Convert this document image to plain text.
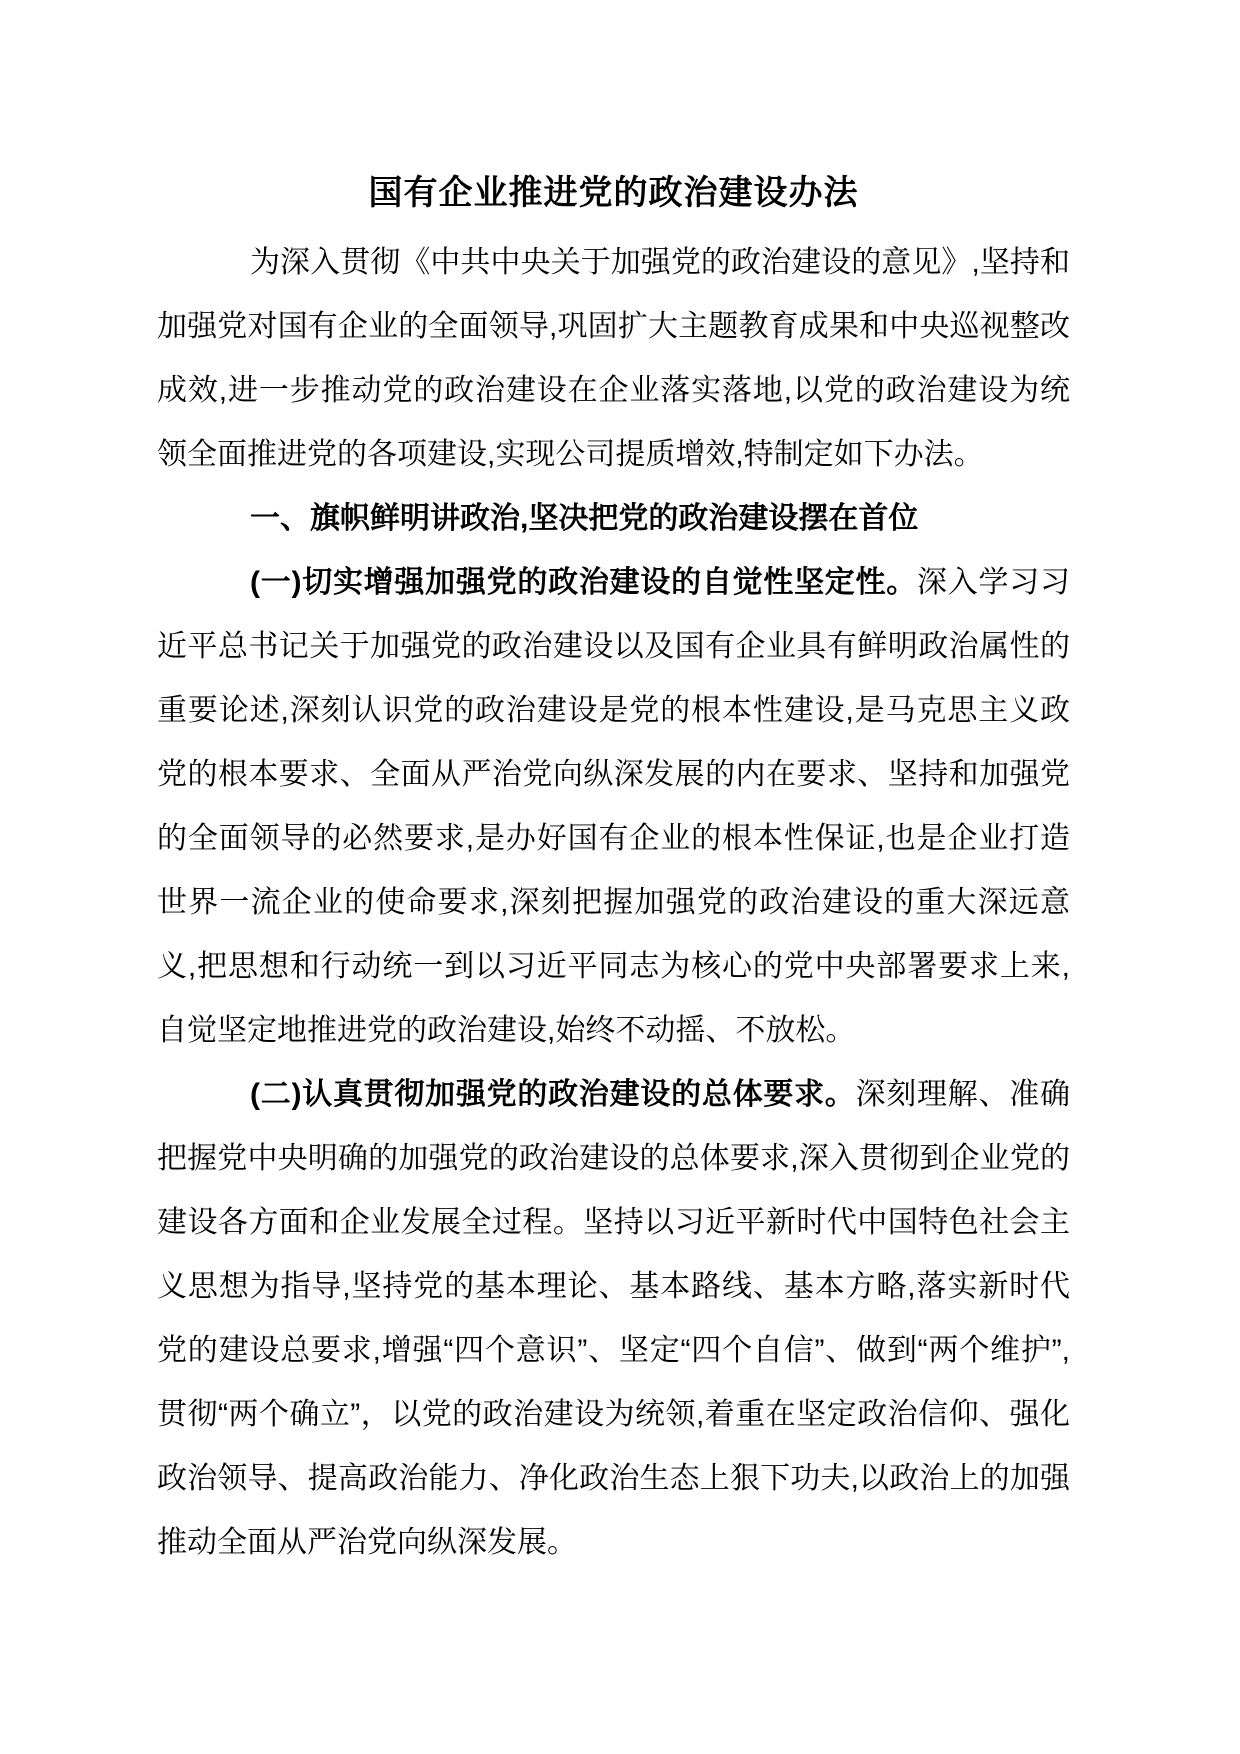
国有企业推进党的政治建设办法

为深入贯彻《中共中央关于加强党的政治建设的意见》,坚持和加强党对国有企业的全面领导,巩固扩大主题教育成果和中央巡视整改成效,进一步推动党的政治建设在企业落实落地,以党的政治建设为统领全面推进党的各项建设,实现公司提质增效,特制定如下办法。

一、旗帜鲜明讲政治,坚决把党的政治建设摆在首位

(一)切实增强加强党的政治建设的自觉性坚定性。深入学习习近平总书记关于加强党的政治建设以及国有企业具有鲜明政治属性的重要论述,深刻认识党的政治建设是党的根本性建设,是马克思主义政党的根本要求、全面从严治党向纵深发展的内在要求、坚持和加强党的全面领导的必然要求,是办好国有企业的根本性保证,也是企业打造世界一流企业的使命要求,深刻把握加强党的政治建设的重大深远意义,把思想和行动统一到以习近平同志为核心的党中央部署要求上来,自觉坚定地推进党的政治建设,始终不动摇、不放松。

(二)认真贯彻加强党的政治建设的总体要求。深刻理解、准确把握党中央明确的加强党的政治建设的总体要求,深入贯彻到企业党的建设各方面和企业发展全过程。坚持以习近平新时代中国特色社会主义思想为指导,坚持党的基本理论、基本路线、基本方略,落实新时代党的建设总要求,增强“四个意识”、坚定“四个自信”、做到“两个维护”,贯彻“两个确立”，以党的政治建设为统领,着重在坚定政治信仰、强化政治领导、提高政治能力、净化政治生态上狠下功夫,以政治上的加强推动全面从严治党向纵深发展。
